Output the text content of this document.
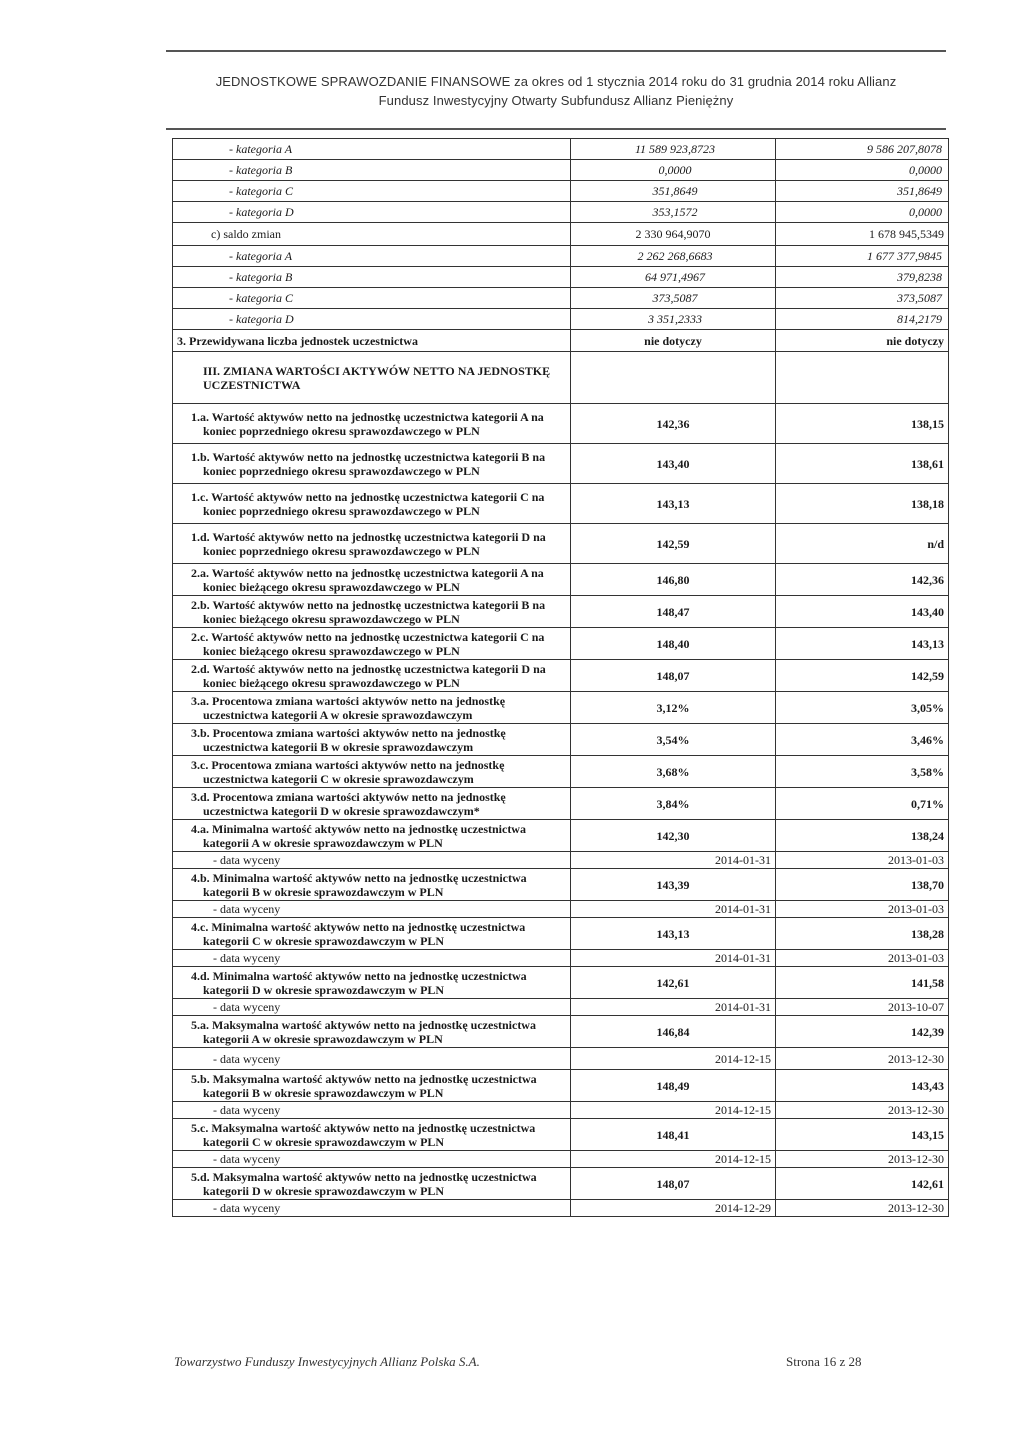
JEDNOSTKOWE SPRAWOZDANIE FINANSOWE za okres od 1 stycznia 2014 roku do 31 grudnia 2014 roku Allianz
Fundusz Inwestycyjny Otwarty Subfundusz Allianz Pieniężny
- kategoria A	11 589 923,8723	9 586 207,8078
- kategoria B	0,0000	0,0000
- kategoria C	351,8649	351,8649
- kategoria D	353,1572	0,0000
c) saldo zmian	2 330 964,9070	1 678 945,5349
- kategoria A	2 262 268,6683	1 677 377,9845
- kategoria B	64 971,4967	379,8238
- kategoria C	373,5087	373,5087
- kategoria D	3 351,2333	814,2179
3. Przewidywana liczba jednostek uczestnictwa	nie dotyczy	nie dotyczy
III. ZMIANA WARTOŚCI AKTYWÓW NETTO NA JEDNOSTKĘ UCZESTNICTWA		
1.a. Wartość aktywów netto na jednostkę uczestnictwa kategorii A na koniec poprzedniego okresu sprawozdawczego w PLN	142,36	138,15
1.b. Wartość aktywów netto na jednostkę uczestnictwa kategorii B na koniec poprzedniego okresu sprawozdawczego w PLN	143,40	138,61
1.c. Wartość aktywów netto na jednostkę uczestnictwa kategorii C na koniec poprzedniego okresu sprawozdawczego w PLN	143,13	138,18
1.d. Wartość aktywów netto na jednostkę uczestnictwa kategorii D na koniec poprzedniego okresu sprawozdawczego w PLN	142,59	n/d
2.a. Wartość aktywów netto na jednostkę uczestnictwa kategorii A na koniec bieżącego okresu sprawozdawczego w PLN	146,80	142,36
2.b. Wartość aktywów netto na jednostkę uczestnictwa kategorii B na koniec bieżącego okresu sprawozdawczego w PLN	148,47	143,40
2.c. Wartość aktywów netto na jednostkę uczestnictwa kategorii C na koniec bieżącego okresu sprawozdawczego w PLN	148,40	143,13
2.d. Wartość aktywów netto na jednostkę uczestnictwa kategorii D na koniec bieżącego okresu sprawozdawczego w PLN	148,07	142,59
3.a. Procentowa zmiana wartości aktywów netto na jednostkę uczestnictwa kategorii A w okresie sprawozdawczym	3,12%	3,05%
3.b. Procentowa zmiana wartości aktywów netto na jednostkę uczestnictwa kategorii B w okresie sprawozdawczym	3,54%	3,46%
3.c. Procentowa zmiana wartości aktywów netto na jednostkę uczestnictwa kategorii C w okresie sprawozdawczym	3,68%	3,58%
3.d. Procentowa zmiana wartości aktywów netto na jednostkę uczestnictwa kategorii D w okresie sprawozdawczym*	3,84%	0,71%
4.a. Minimalna wartość aktywów netto na jednostkę uczestnictwa kategorii A w okresie sprawozdawczym w PLN	142,30	138,24
- data wyceny	2014-01-31	2013-01-03
4.b. Minimalna wartość aktywów netto na jednostkę uczestnictwa kategorii B w okresie sprawozdawczym w PLN	143,39	138,70
- data wyceny	2014-01-31	2013-01-03
4.c. Minimalna wartość aktywów netto na jednostkę uczestnictwa kategorii C w okresie sprawozdawczym w PLN	143,13	138,28
- data wyceny	2014-01-31	2013-01-03
4.d. Minimalna wartość aktywów netto na jednostkę uczestnictwa kategorii D w okresie sprawozdawczym w PLN	142,61	141,58
- data wyceny	2014-01-31	2013-10-07
5.a. Maksymalna wartość aktywów netto na jednostkę uczestnictwa kategorii A w okresie sprawozdawczym w PLN	146,84	142,39
- data wyceny	2014-12-15	2013-12-30
5.b. Maksymalna wartość aktywów netto na jednostkę uczestnictwa kategorii B w okresie sprawozdawczym w PLN	148,49	143,43
- data wyceny	2014-12-15	2013-12-30
5.c. Maksymalna wartość aktywów netto na jednostkę uczestnictwa kategorii C w okresie sprawozdawczym w PLN	148,41	143,15
- data wyceny	2014-12-15	2013-12-30
5.d. Maksymalna wartość aktywów netto na jednostkę uczestnictwa kategorii D w okresie sprawozdawczym w PLN	148,07	142,61
- data wyceny	2014-12-29	2013-12-30
Towarzystwo Funduszy Inwestycyjnych Allianz Polska S.A.	Strona 16 z 28
